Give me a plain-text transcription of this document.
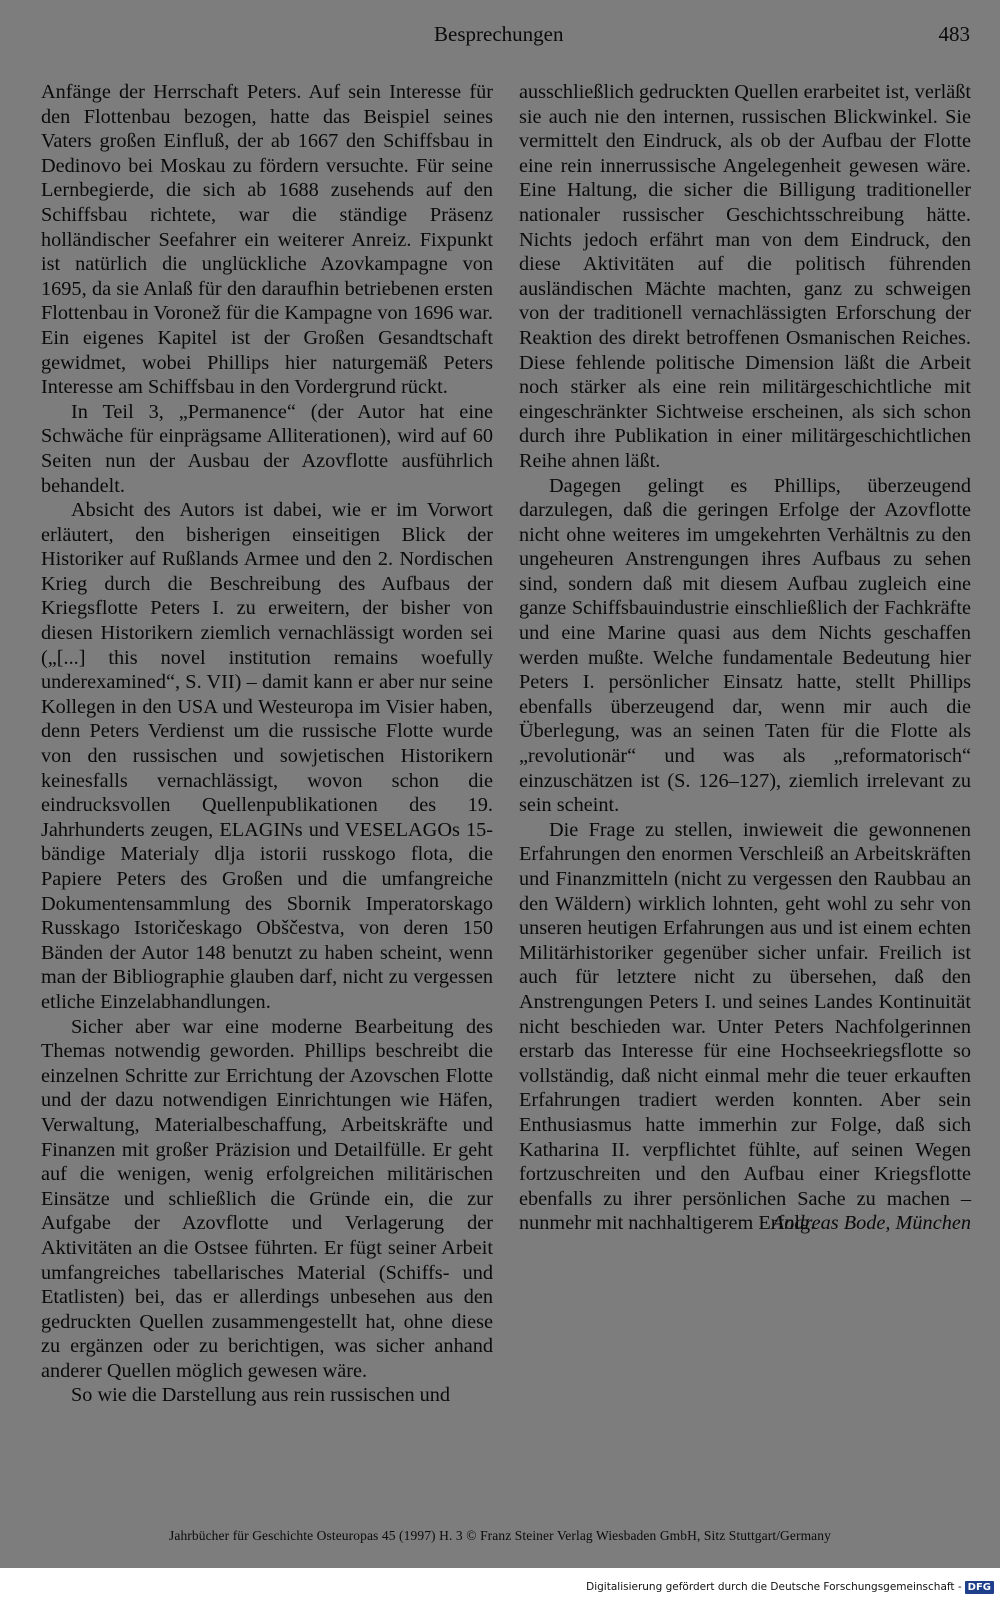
Besprechungen	483

Anfänge der Herrschaft Peters. Auf sein Interesse für den Flottenbau bezogen, hatte das Beispiel seines Vaters großen Einfluß, der ab 1667 den Schiffsbau in Dedinovo bei Moskau zu fördern versuchte. Für seine Lernbegierde, die sich ab 1688 zusehends auf den Schiffsbau richtete, war die ständige Präsenz holländischer Seefahrer ein weiterer Anreiz. Fixpunkt ist natürlich die unglückliche Azovkampagne von 1695, da sie Anlaß für den daraufhin betriebenen ersten Flottenbau in Voronež für die Kampagne von 1696 war. Ein eigenes Kapitel ist der Großen Gesandtschaft gewidmet, wobei Phillips hier naturgemäß Peters Interesse am Schiffsbau in den Vordergrund rückt.

In Teil 3, „Permanence“ (der Autor hat eine Schwäche für einprägsame Alliterationen), wird auf 60 Seiten nun der Ausbau der Azovflotte ausführlich behandelt.

Absicht des Autors ist dabei, wie er im Vorwort erläutert, den bisherigen einseitigen Blick der Historiker auf Rußlands Armee und den 2. Nordischen Krieg durch die Beschreibung des Aufbaus der Kriegsflotte Peters I. zu erweitern, der bisher von diesen Historikern ziemlich vernachlässigt worden sei („[...] this novel institution remains woefully underexamined“, S. VII) – damit kann er aber nur seine Kollegen in den USA und Westeuropa im Visier haben, denn Peters Verdienst um die russische Flotte wurde von den russischen und sowjetischen Historikern keinesfalls vernachlässigt, wovon schon die eindrucksvollen Quellenpublikationen des 19. Jahrhunderts zeugen, ELAGINs und VESELAGOs 15-bändige Materialy dlja istorii russkogo flota, die Papiere Peters des Großen und die umfangreiche Dokumentensammlung des Sbornik Imperatorskago Russkago Istoričeskago Obščestva, von deren 150 Bänden der Autor 148 benutzt zu haben scheint, wenn man der Bibliographie glauben darf, nicht zu vergessen etliche Einzelabhandlungen.

Sicher aber war eine moderne Bearbeitung des Themas notwendig geworden. Phillips beschreibt die einzelnen Schritte zur Errichtung der Azovschen Flotte und der dazu notwendigen Einrichtungen wie Häfen, Verwaltung, Materialbeschaffung, Arbeitskräfte und Finanzen mit großer Präzision und Detailfülle. Er geht auf die wenigen, wenig erfolgreichen militärischen Einsätze und schließlich die Gründe ein, die zur Aufgabe der Azovflotte und Verlagerung der Aktivitäten an die Ostsee führten. Er fügt seiner Arbeit umfangreiches tabellarisches Material (Schiffs- und Etatlisten) bei, das er allerdings unbesehen aus den gedruckten Quellen zusammengestellt hat, ohne diese zu ergänzen oder zu berichtigen, was sicher anhand anderer Quellen möglich gewesen wäre.

So wie die Darstellung aus rein russischen und

ausschließlich gedruckten Quellen erarbeitet ist, verläßt sie auch nie den internen, russischen Blickwinkel. Sie vermittelt den Eindruck, als ob der Aufbau der Flotte eine rein innerrussische Angelegenheit gewesen wäre. Eine Haltung, die sicher die Billigung traditioneller nationaler russischer Geschichtsschreibung hätte. Nichts jedoch erfährt man von dem Eindruck, den diese Aktivitäten auf die politisch führenden ausländischen Mächte machten, ganz zu schweigen von der traditionell vernachlässigten Erforschung der Reaktion des direkt betroffenen Osmanischen Reiches. Diese fehlende politische Dimension läßt die Arbeit noch stärker als eine rein militärgeschichtliche mit eingeschränkter Sichtweise erscheinen, als sich schon durch ihre Publikation in einer militärgeschichtlichen Reihe ahnen läßt.

Dagegen gelingt es Phillips, überzeugend darzulegen, daß die geringen Erfolge der Azovflotte nicht ohne weiteres im umgekehrten Verhältnis zu den ungeheuren Anstrengungen ihres Aufbaus zu sehen sind, sondern daß mit diesem Aufbau zugleich eine ganze Schiffsbauindustrie einschließlich der Fachkräfte und eine Marine quasi aus dem Nichts geschaffen werden mußte. Welche fundamentale Bedeutung hier Peters I. persönlicher Einsatz hatte, stellt Phillips ebenfalls überzeugend dar, wenn mir auch die Überlegung, was an seinen Taten für die Flotte als „revolutionär“ und was als „reformatorisch“ einzuschätzen ist (S. 126–127), ziemlich irrelevant zu sein scheint.

Die Frage zu stellen, inwieweit die gewonnenen Erfahrungen den enormen Verschleiß an Arbeitskräften und Finanzmitteln (nicht zu vergessen den Raubbau an den Wäldern) wirklich lohnten, geht wohl zu sehr von unseren heutigen Erfahrungen aus und ist einem echten Militärhistoriker gegenüber sicher unfair. Freilich ist auch für letztere nicht zu übersehen, daß den Anstrengungen Peters I. und seines Landes Kontinuität nicht beschieden war. Unter Peters Nachfolgerinnen erstarb das Interesse für eine Hochseekriegsflotte so vollständig, daß nicht einmal mehr die teuer erkauften Erfahrungen tradiert werden konnten. Aber sein Enthusiasmus hatte immerhin zur Folge, daß sich Katharina II. verpflichtet fühlte, auf seinen Wegen fortzuschreiten und den Aufbau einer Kriegsflotte ebenfalls zu ihrer persönlichen Sache zu machen – nunmehr mit nachhaltigerem Erfolg.

Andreas Bode, München
Jahrbücher für Geschichte Osteuropas 45 (1997) H. 3 © Franz Steiner Verlag Wiesbaden GmbH, Sitz Stuttgart/Germany
Digitalisierung gefördert durch die Deutsche Forschungsgemeinschaft - DFG
